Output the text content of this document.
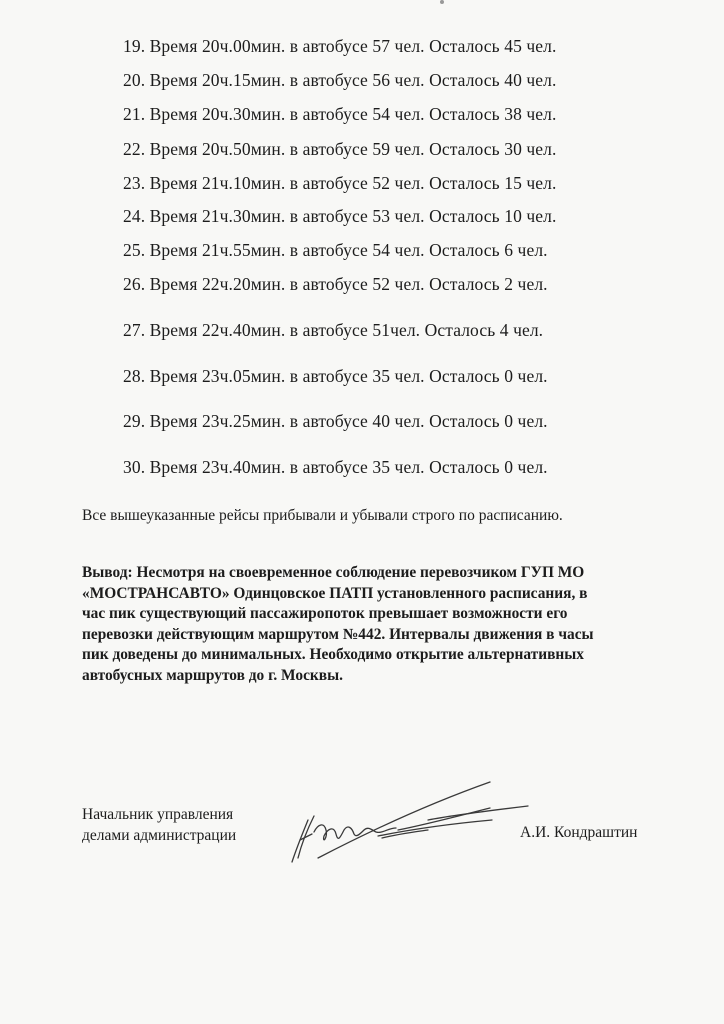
19. Время 20ч.00мин. в автобусе 57 чел. Осталось 45 чел.
20. Время 20ч.15мин. в автобусе 56 чел. Осталось 40 чел.
21. Время 20ч.30мин. в автобусе 54 чел. Осталось 38 чел.
22. Время 20ч.50мин. в автобусе 59 чел. Осталось 30 чел.
23. Время 21ч.10мин. в автобусе 52 чел. Осталось 15 чел.
24. Время 21ч.30мин. в автобусе 53 чел. Осталось 10 чел.
25. Время 21ч.55мин. в автобусе 54 чел. Осталось 6 чел.
26. Время 22ч.20мин. в автобусе 52 чел. Осталось 2 чел.
27. Время 22ч.40мин. в автобусе 51чел. Осталось 4 чел.
28. Время 23ч.05мин. в автобусе 35 чел. Осталось 0 чел.
29. Время 23ч.25мин. в автобусе 40 чел. Осталось 0 чел.
30. Время 23ч.40мин. в автобусе 35 чел. Осталось 0 чел.
Все вышеуказанные рейсы прибывали и убывали строго по расписанию.
Вывод: Несмотря на своевременное соблюдение перевозчиком ГУП МО
«МОСТРАНСАВТО» Одинцовское ПАТП установленного расписания, в
час пик существующий пассажиропоток превышает возможности его
перевозки действующим маршрутом №442. Интервалы движения в часы
пик доведены до минимальных. Необходимо открытие альтернативных
автобусных маршрутов до г. Москвы.
Начальник управления
делами администрации	А.И. Кондраштин
